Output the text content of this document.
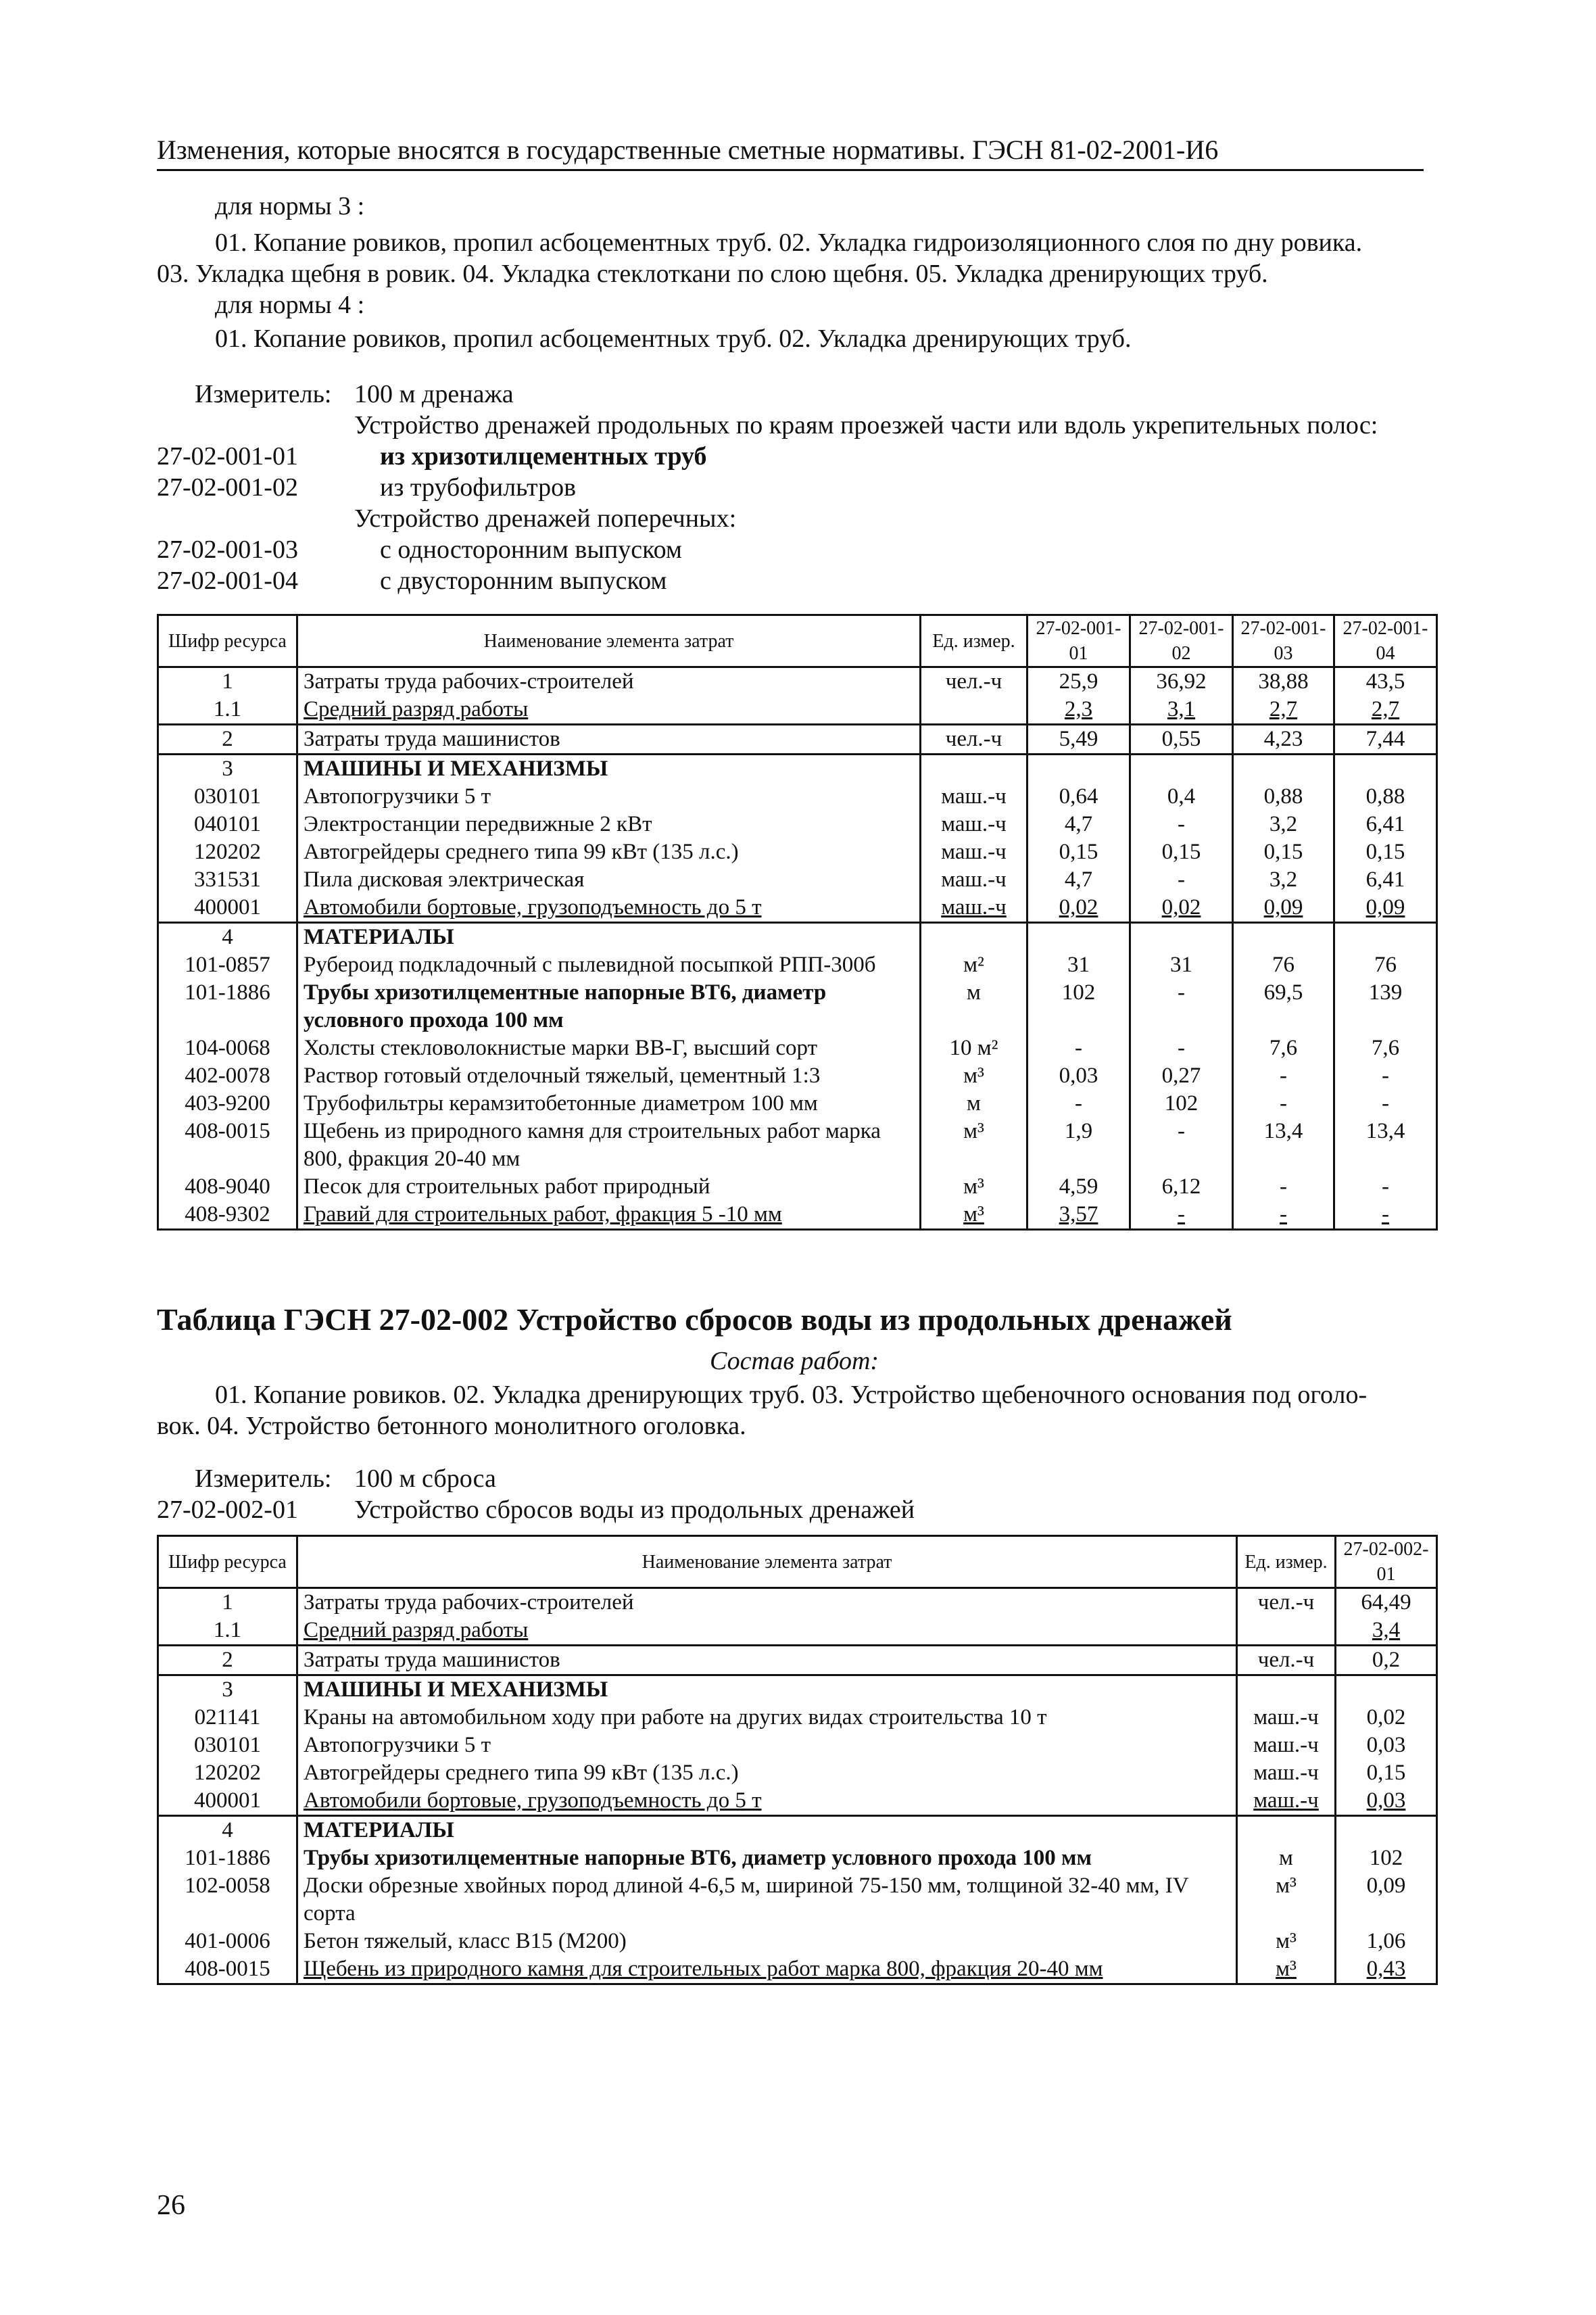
Изменения, которые вносятся в государственные сметные нормативы. ГЭСН 81-02-2001-И6
для нормы 3 :
01. Копание ровиков, пропил асбоцементных труб. 02. Укладка гидроизоляционного слоя по дну ровика.
03. Укладка щебня в ровик. 04. Укладка стеклоткани по слою щебня. 05. Укладка дренирующих труб.
для нормы 4 :
01. Копание ровиков, пропил асбоцементных труб. 02. Укладка дренирующих труб.
Измеритель: 100 м дренажа
Устройство дренажей продольных по краям проезжей части или вдоль укрепительных полос:
27-02-001-01	из хризотилцементных труб
27-02-001-02	из трубофильтров
Устройство дренажей поперечных:
27-02-001-03	с односторонним выпуском
27-02-001-04	с двусторонним выпуском
Шифр ресурса	Наименование элемента затрат	Ед. измер.	27-02-001-01	27-02-001-02	27-02-001-03	27-02-001-04
1	Затраты труда рабочих-строителей	чел.-ч	25,9	36,92	38,88	43,5
1.1	Средний разряд работы		2,3	3,1	2,7	2,7
2	Затраты труда машинистов	чел.-ч	5,49	0,55	4,23	7,44
3	МАШИНЫ И МЕХАНИЗМЫ					
030101	Автопогрузчики 5 т	маш.-ч	0,64	0,4	0,88	0,88
040101	Электростанции передвижные 2 кВт	маш.-ч	4,7	-	3,2	6,41
120202	Автогрейдеры среднего типа 99 кВт (135 л.с.)	маш.-ч	0,15	0,15	0,15	0,15
331531	Пила дисковая электрическая	маш.-ч	4,7	-	3,2	6,41
400001	Автомобили бортовые, грузоподъемность до 5 т	маш.-ч	0,02	0,02	0,09	0,09
4	МАТЕРИАЛЫ					
101-0857	Рубероид подкладочный с пылевидной посыпкой РПП-300б	м²	31	31	76	76
101-1886	Трубы хризотилцементные напорные ВТ6, диаметр условного прохода 100 мм	м	102	-	69,5	139
104-0068	Холсты стекловолокнистые марки ВВ-Г, высший сорт	10 м²	-	-	7,6	7,6
402-0078	Раствор готовый отделочный тяжелый, цементный 1:3	м³	0,03	0,27	-	-
403-9200	Трубофильтры керамзитобетонные диаметром 100 мм	м	-	102	-	-
408-0015	Щебень из природного камня для строительных работ марка 800, фракция 20-40 мм	м³	1,9	-	13,4	13,4
408-9040	Песок для строительных работ природный	м³	4,59	6,12	-	-
408-9302	Гравий для строительных работ, фракция 5 -10 мм	м³	3,57	-	-	-
Таблица ГЭСН 27-02-002 Устройство сбросов воды из продольных дренажей
Состав работ:
01. Копание ровиков. 02. Укладка дренирующих труб. 03. Устройство щебеночного основания под оголо-
вок. 04. Устройство бетонного монолитного оголовка.
Измеритель: 100 м сброса
27-02-002-01 Устройство сбросов воды из продольных дренажей
Шифр ресурса	Наименование элемента затрат	Ед. измер.	27-02-002-01
1	Затраты труда рабочих-строителей	чел.-ч	64,49
1.1	Средний разряд работы		3,4
2	Затраты труда машинистов	чел.-ч	0,2
3	МАШИНЫ И МЕХАНИЗМЫ		
021141	Краны на автомобильном ходу при работе на других видах строительства 10 т	маш.-ч	0,02
030101	Автопогрузчики 5 т	маш.-ч	0,03
120202	Автогрейдеры среднего типа 99 кВт (135 л.с.)	маш.-ч	0,15
400001	Автомобили бортовые, грузоподъемность до 5 т	маш.-ч	0,03
4	МАТЕРИАЛЫ		
101-1886	Трубы хризотилцементные напорные ВТ6, диаметр условного прохода 100 мм	м	102
102-0058	Доски обрезные хвойных пород длиной 4-6,5 м, шириной 75-150 мм, толщиной 32-40 мм, IV сорта	м³	0,09
401-0006	Бетон тяжелый, класс В15 (М200)	м³	1,06
408-0015	Щебень из природного камня для строительных работ марка 800, фракция 20-40 мм	м³	0,43
26
